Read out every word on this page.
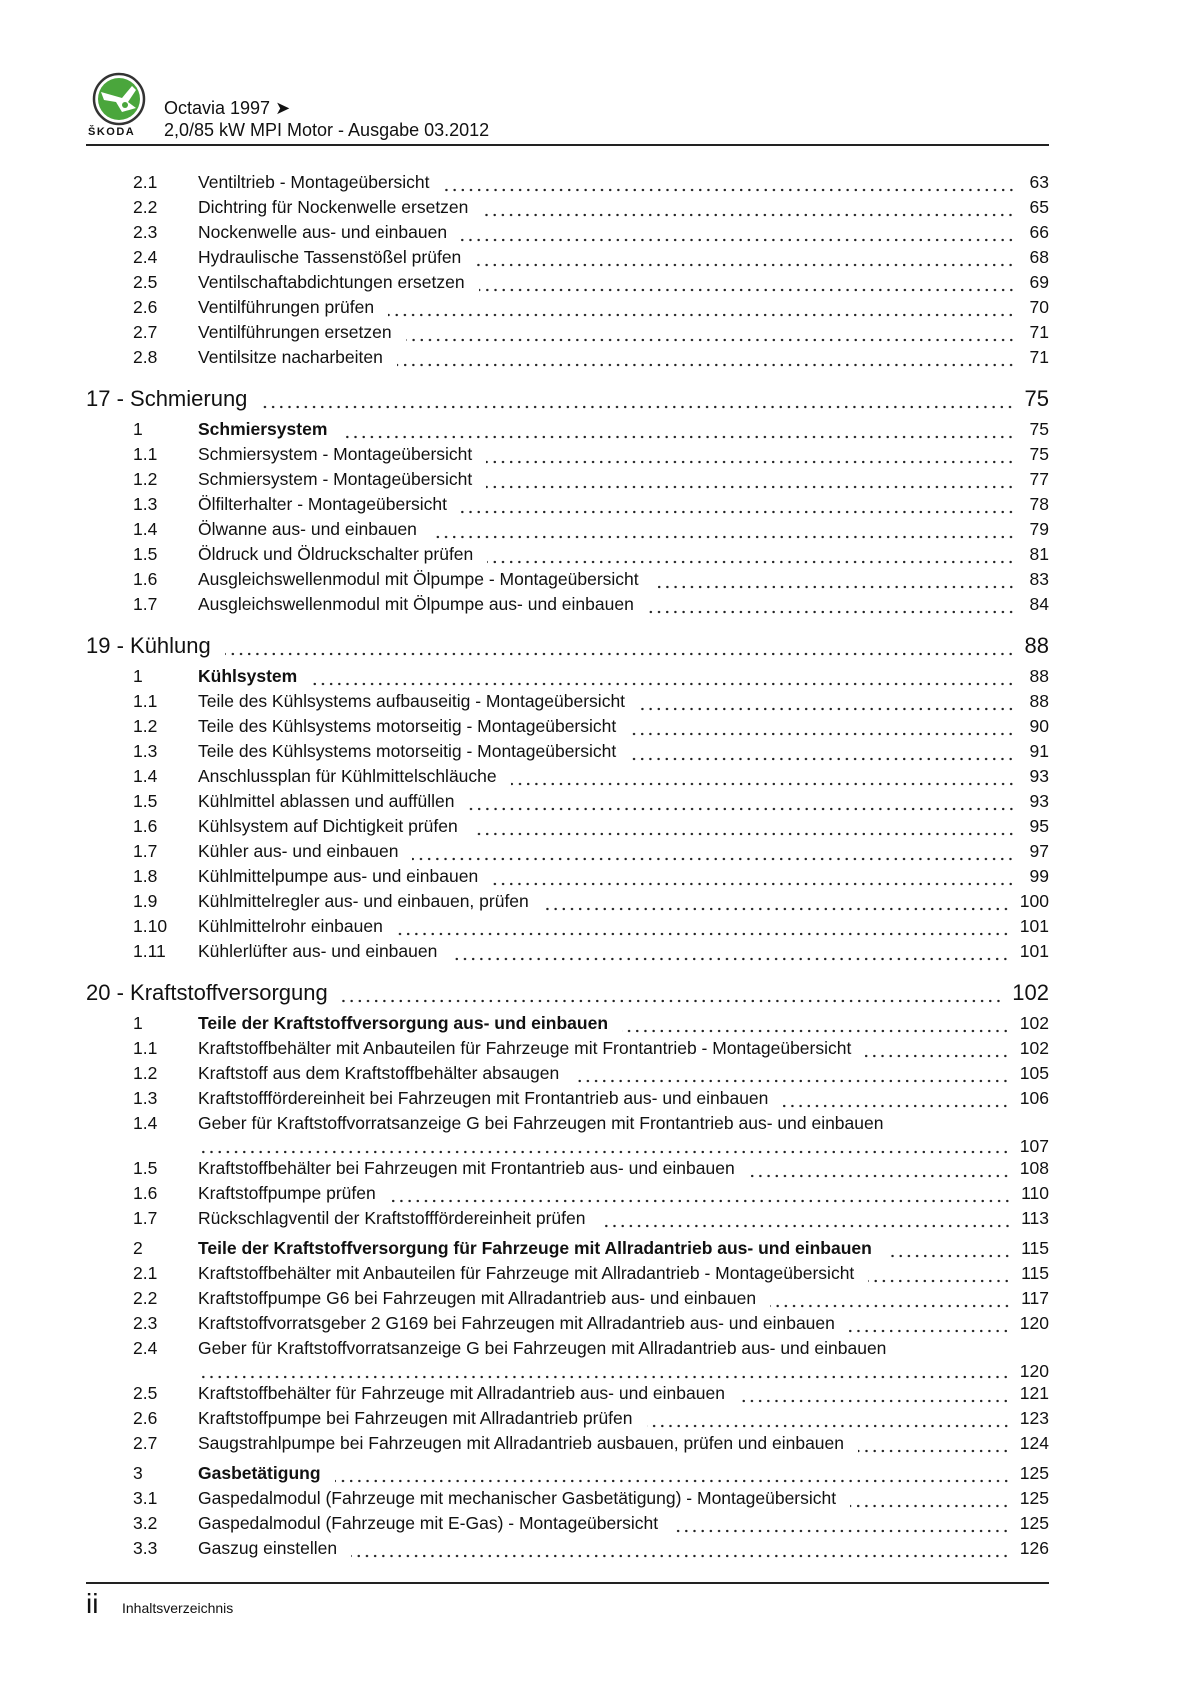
ŠKODA
Octavia 1997 ➤
2,0/85 kW MPI Motor - Ausgabe 03.2012
2.1	Ventiltrieb - Montageübersicht	63
2.2	Dichtring für Nockenwelle ersetzen	65
2.3	Nockenwelle aus- und einbauen	66
2.4	Hydraulische Tassenstößel prüfen	68
2.5	Ventilschaftabdichtungen ersetzen	69
2.6	Ventilführungen prüfen	70
2.7	Ventilführungen ersetzen	71
2.8	Ventilsitze nacharbeiten	71
17 - Schmierung	75
1	Schmiersystem	75
1.1	Schmiersystem - Montageübersicht	75
1.2	Schmiersystem - Montageübersicht	77
1.3	Ölfilterhalter - Montageübersicht	78
1.4	Ölwanne aus- und einbauen	79
1.5	Öldruck und Öldruckschalter prüfen	81
1.6	Ausgleichswellenmodul mit Ölpumpe - Montageübersicht	83
1.7	Ausgleichswellenmodul mit Ölpumpe aus- und einbauen	84
19 - Kühlung	88
1	Kühlsystem	88
1.1	Teile des Kühlsystems aufbauseitig - Montageübersicht	88
1.2	Teile des Kühlsystems motorseitig - Montageübersicht	90
1.3	Teile des Kühlsystems motorseitig - Montageübersicht	91
1.4	Anschlussplan für Kühlmittelschläuche	93
1.5	Kühlmittel ablassen und auffüllen	93
1.6	Kühlsystem auf Dichtigkeit prüfen	95
1.7	Kühler aus- und einbauen	97
1.8	Kühlmittelpumpe aus- und einbauen	99
1.9	Kühlmittelregler aus- und einbauen, prüfen	100
1.10	Kühlmittelrohr einbauen	101
1.11	Kühlerlüfter aus- und einbauen	101
20 - Kraftstoffversorgung	102
1	Teile der Kraftstoffversorgung aus- und einbauen	102
1.1	Kraftstoffbehälter mit Anbauteilen für Fahrzeuge mit Frontantrieb - Montageübersicht	102
1.2	Kraftstoff aus dem Kraftstoffbehälter absaugen	105
1.3	Kraftstofffördereinheit bei Fahrzeugen mit Frontantrieb aus- und einbauen	106
1.4	Geber für Kraftstoffvorratsanzeige G bei Fahrzeugen mit Frontantrieb aus- und einbauen
107
1.5	Kraftstoffbehälter bei Fahrzeugen mit Frontantrieb aus- und einbauen	108
1.6	Kraftstoffpumpe prüfen	110
1.7	Rückschlagventil der Kraftstofffördereinheit prüfen	113
2	Teile der Kraftstoffversorgung für Fahrzeuge mit Allradantrieb aus- und einbauen	115
2.1	Kraftstoffbehälter mit Anbauteilen für Fahrzeuge mit Allradantrieb - Montageübersicht	115
2.2	Kraftstoffpumpe G6 bei Fahrzeugen mit Allradantrieb aus- und einbauen	117
2.3	Kraftstoffvorratsgeber 2 G169 bei Fahrzeugen mit Allradantrieb aus- und einbauen	120
2.4	Geber für Kraftstoffvorratsanzeige G bei Fahrzeugen mit Allradantrieb aus- und einbauen
120
2.5	Kraftstoffbehälter für Fahrzeuge mit Allradantrieb aus- und einbauen	121
2.6	Kraftstoffpumpe bei Fahrzeugen mit Allradantrieb prüfen	123
2.7	Saugstrahlpumpe bei Fahrzeugen mit Allradantrieb ausbauen, prüfen und einbauen	124
3	Gasbetätigung	125
3.1	Gaspedalmodul (Fahrzeuge mit mechanischer Gasbetätigung) - Montageübersicht	125
3.2	Gaspedalmodul (Fahrzeuge mit E-Gas) - Montageübersicht	125
3.3	Gaszug einstellen	126
ii Inhaltsverzeichnis
